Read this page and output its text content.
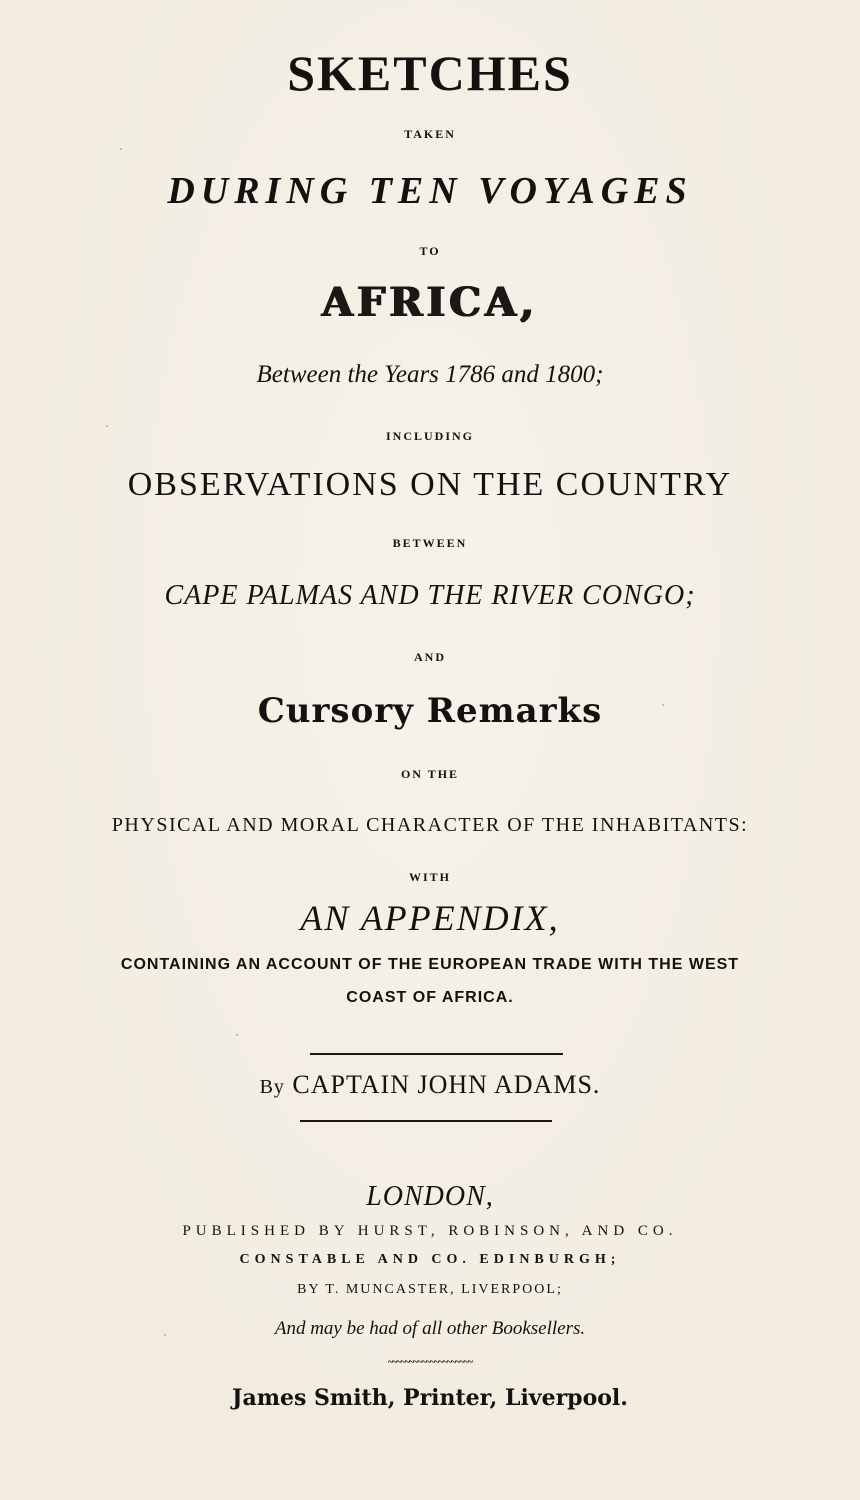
SKETCHES
TAKEN
DURING TEN VOYAGES
TO
AFRICA,
Between the Years 1786 and 1800;
INCLUDING
OBSERVATIONS ON THE COUNTRY
BETWEEN
CAPE PALMAS AND THE RIVER CONGO;
AND
Cursory Remarks
ON THE
PHYSICAL AND MORAL CHARACTER OF THE INHABITANTS:
WITH
AN APPENDIX,
CONTAINING AN ACCOUNT OF THE EUROPEAN TRADE WITH THE WEST
COAST OF AFRICA.
By CAPTAIN JOHN ADAMS.
LONDON,
PUBLISHED BY HURST, ROBINSON, AND CO.
CONSTABLE AND CO. EDINBURGH;
BY T. MUNCASTER, LIVERPOOL;
And may be had of all other Booksellers.
~~~~~~~~~~~~~~~~~~~~
James Smith, Printer, Liverpool.
